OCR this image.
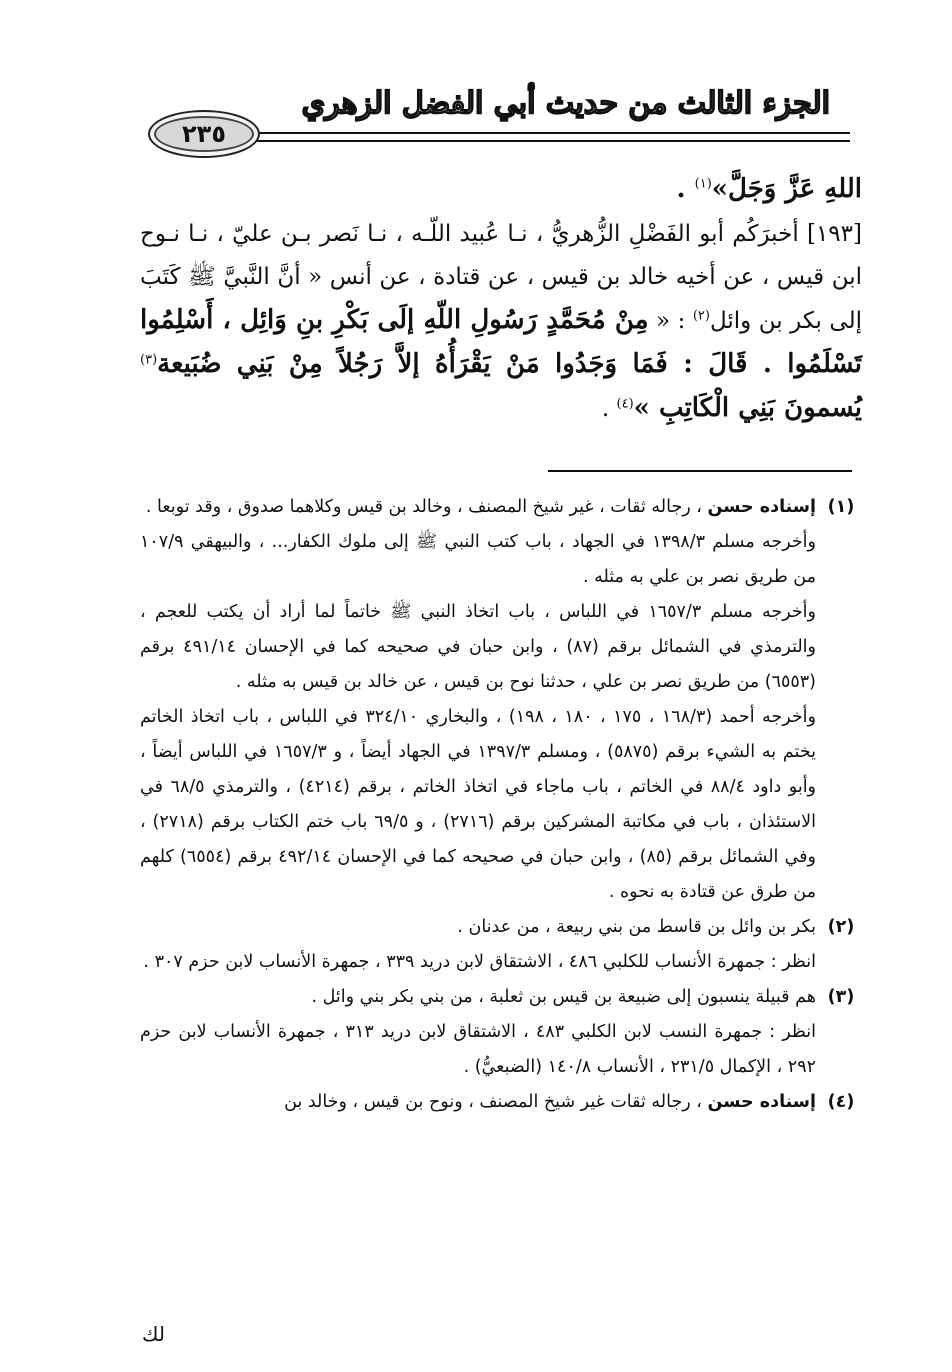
الجزء الثالث من حديث أبي الفضل الزهري
٢٣٥

اللهِ عَزَّ وَجَلَّ»$^{(١)}$ .

[١٩٣] أخبرَكُم أبو الفَضْلِ الزُّهريُّ ، نـا عُبيد اللّـه ، نـا نَصر بـن عليّ ، نـا نـوح ابن قيس ، عن أخيه خالد بن قيس ، عن قتادة ، عن أنس « أنَّ النَّبيَّ ﷺ كَتَبَ إلى بكر بن وائل$^{(٢)}$ : « مِنْ مُحَمَّدٍ رَسُولِ اللّهِ إلَى بَكْرِ بنِ وَائِل ، أَسْلِمُوا تَسْلَمُوا . قَالَ : فَمَا وَجَدُوا مَنْ يَقْرَأُهُ إلاَّ رَجُلاً مِنْ بَنِي ضُبَيعة$^{(٣)}$ يُسمونَ بَنِي الْكَاتِبِ »$^{(٤)}$ .

(١)
إسناده حسن ، رجاله ثقات ، غير شيخ المصنف ، وخالد بن قيس وكلاهما صدوق ، وقد توبعا .
وأخرجه مسلم ١٣٩٨/٣ في الجهاد ، باب كتب النبي ﷺ إلى ملوك الكفار... ، والبيهقي ١٠٧/٩ من طريق نصر بن علي به مثله .
وأخرجه مسلم ١٦٥٧/٣ في اللباس ، باب اتخاذ النبي ﷺ خاتماً لما أراد أن يكتب للعجم ، والترمذي في الشمائل برقم (٨٧) ، وابن حبان في صحيحه كما في الإحسان ٤٩١/١٤ برقم (٦٥٥٣) من طريق نصر بن علي ، حدثنا نوح بن قيس ، عن خالد بن قيس به مثله .
وأخرجه أحمد (١٦٨/٣ ، ١٧٥ ، ١٨٠ ، ١٩٨) ، والبخاري ٣٢٤/١٠ في اللباس ، باب اتخاذ الخاتم يختم به الشيء برقم (٥٨٧٥) ، ومسلم ١٣٩٧/٣ في الجهاد أيضاً ، و ١٦٥٧/٣ في اللباس أيضاً ، وأبو داود ٨٨/٤ في الخاتم ، باب ماجاء في اتخاذ الخاتم ، برقم (٤٢١٤) ، والترمذي ٦٨/٥ في الاستئذان ، باب في مكاتبة المشركين برقم (٢٧١٦) ، و ٦٩/٥ باب ختم الكتاب برقم (٢٧١٨) ، وفي الشمائل برقم (٨٥) ، وابن حبان في صحيحه كما في الإحسان ٤٩٢/١٤ برقم (٦٥٥٤) كلهم من طرق عن قتادة به نحوه .
(٢)
بكر بن وائل بن قاسط من بني ربيعة ، من عدنان .
انظر : جمهرة الأنساب للكلبي ٤٨٦ ، الاشتقاق لابن دريد ٣٣٩ ، جمهرة الأنساب لابن حزم ٣٠٧ .
(٣)
هم قبيلة ينسبون إلى ضبيعة بن قيس بن ثعلبة ، من بني بكر بني وائل .
انظر : جمهرة النسب لابن الكلبي ٤٨٣ ، الاشتقاق لابن دريد ٣١٣ ، جمهرة الأنساب لابن حزم ٢٩٢ ، الإكمال ٢٣١/٥ ، الأنساب ١٤٠/٨ (الضبعيُّ) .
(٤)
إسناده حسن ، رجاله ثقات غير شيخ المصنف ، ونوح بن قيس ، وخالد بن
لك
